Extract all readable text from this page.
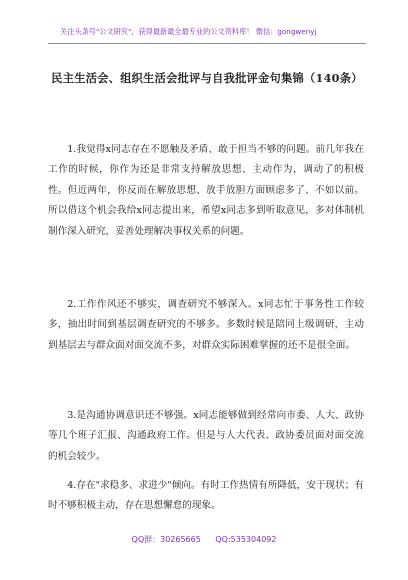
关注头条号"公文研究"，获得最新最全最专业的公文资料库！ 微信：gongwenyj
民主生活会、组织生活会批评与自我批评金句集锦（140条）

1.我觉得x同志存在不愿触及矛盾、敢于担当不够的问题。前几年我在工作的时候，你作为还是非常支持解放思想、主动作为，调动了的积极性。但近两年，你反而在解放思想、放手放胆方面顾虑多了、不如以前。所以借这个机会我给x同志提出来，希望x同志多到听取意见，多对体制机制作深入研究，妥善处理解决事权关系的问题。

2.工作作风还不够实，调查研究不够深入。x同志忙于事务性工作较多，抽出时间到基层调查研究的不够多。多数时候是陪同上级调研，主动到基层去与群众面对面交流不多，对群众实际困难掌握的还不是很全面。

3.是沟通协调意识还不够强。x同志能够做到经常向市委、人大、政协等几个班子汇报、沟通政府工作。但是与人大代表、政协委员面对面交流的机会较少。

4.存在"求稳多、求进少"倾向。有时工作热情有所降低，安于现状；有时不够积极主动，存在思想懈怠的现象。

QQ群：30265665 QQ:535304092
